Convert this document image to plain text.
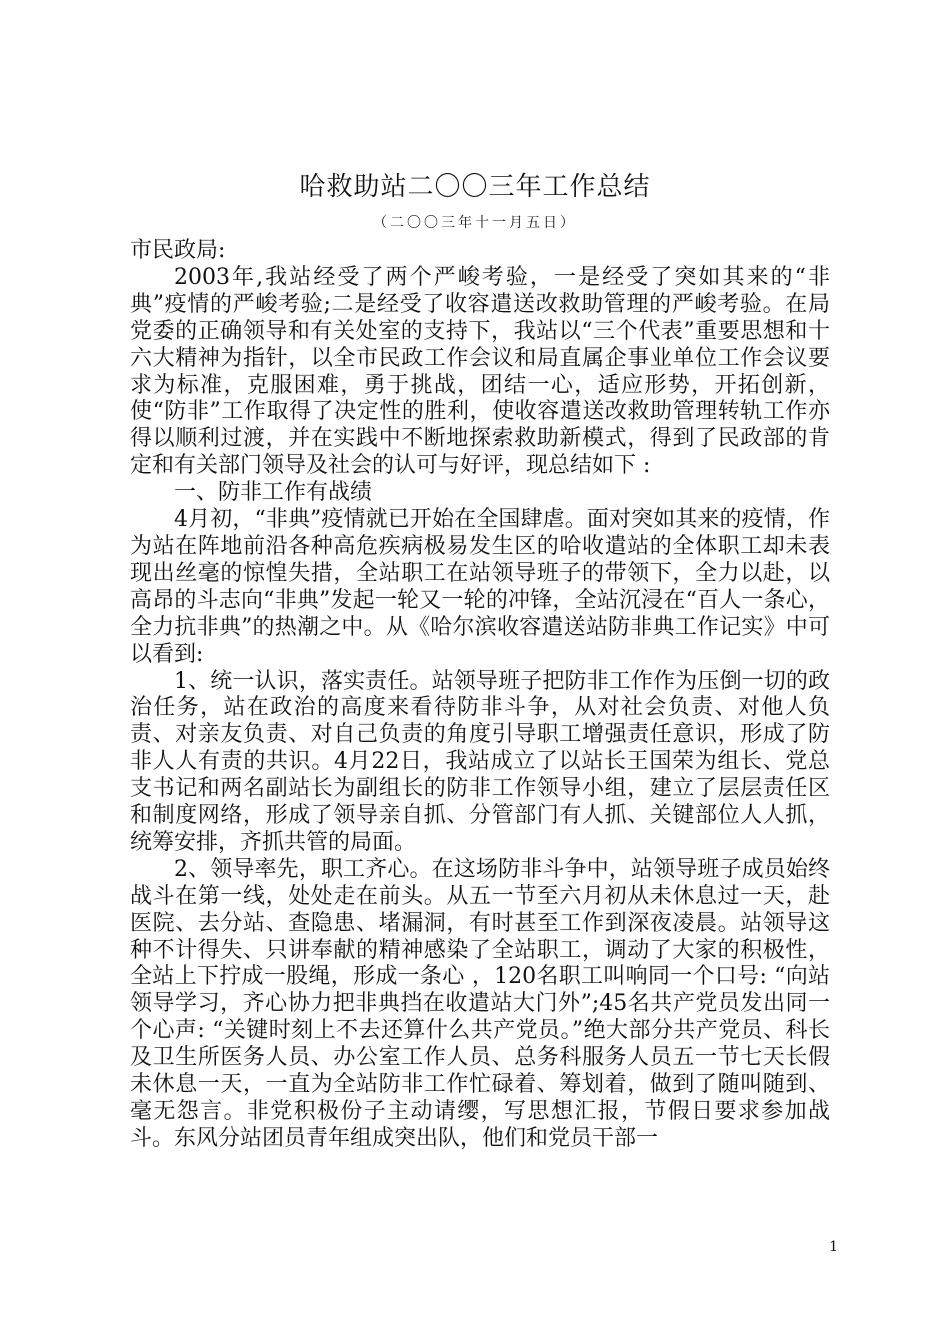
哈救助站二〇〇三年工作总结
（二〇〇三年十一月五日）

市民政局:

2003年,我站经受了两个严峻考验，一是经受了突如其来的“非典”疫情的严峻考验;二是经受了收容遣送改救助管理的严峻考验。在局党委的正确领导和有关处室的支持下，我站以“三个代表”重要思想和十六大精神为指针，以全市民政工作会议和局直属企事业单位工作会议要求为标准，克服困难，勇于挑战，团结一心，适应形势，开拓创新，使“防非”工作取得了决定性的胜利，使收容遣送改救助管理转轨工作亦得以顺利过渡，并在实践中不断地探索救助新模式，得到了民政部的肯定和有关部门领导及社会的认可与好评，现总结如下 :

一、防非工作有战绩

4月初，“非典”疫情就已开始在全国肆虐。面对突如其来的疫情，作为站在阵地前沿各种高危疾病极易发生区的哈收遣站的全体职工却未表现出丝毫的惊惶失措，全站职工在站领导班子的带领下，全力以赴，以高昂的斗志向“非典”发起一轮又一轮的冲锋，全站沉浸在“百人一条心，全力抗非典”的热潮之中。从《哈尔滨收容遣送站防非典工作记实》中可以看到:

1、统一认识，落实责任。站领导班子把防非工作作为压倒一切的政治任务，站在政治的高度来看待防非斗争，从对社会负责、对他人负责、对亲友负责、对自己负责的角度引导职工增强责任意识，形成了防非人人有责的共识。4月22日，我站成立了以站长王国荣为组长、党总支书记和两名副站长为副组长的防非工作领导小组，建立了层层责任区和制度网络，形成了领导亲自抓、分管部门有人抓、关键部位人人抓，统筹安排，齐抓共管的局面。

2、领导率先，职工齐心。在这场防非斗争中，站领导班子成员始终战斗在第一线，处处走在前头。从五一节至六月初从未休息过一天，赴医院、去分站、查隐患、堵漏洞，有时甚至工作到深夜凌晨。站领导这种不计得失、只讲奉献的精神感染了全站职工，调动了大家的积极性，全站上下拧成一股绳，形成一条心 ，120名职工叫响同一个口号: “向站领导学习，齐心协力把非典挡在收遣站大门外”;45名共产党员发出同一个心声: “关键时刻上不去还算什么共产党员。”绝大部分共产党员、科长及卫生所医务人员、办公室工作人员、总务科服务人员五一节七天长假未休息一天，一直为全站防非工作忙碌着、筹划着，做到了随叫随到、毫无怨言。非党积极份子主动请缨，写思想汇报，节假日要求参加战斗。东风分站团员青年组成突出队，他们和党员干部一

1
